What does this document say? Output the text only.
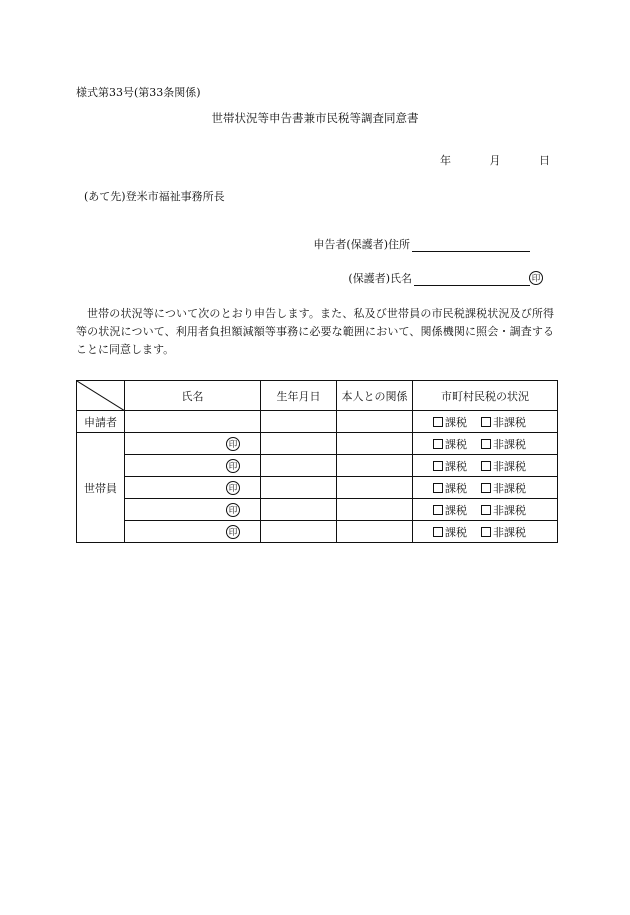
様式第33号(第33条関係)
世帯状況等申告書兼市民税等調査同意書
年	月	日
(あて先)登米市福祉事務所長
申告者(保護者)住所
(保護者)氏名	印
世帯の状況等について次のとおり申告します。また、私及び世帯員の市民税課税状況及び所得等の状況について、利用者負担額減額等事務に必要な範囲において、関係機関に照会・調査することに同意します。
	氏名	生年月日	本人との関係	市町村民税の状況
申請者				課税 非課税
世帯員	印			課税 非課税
	印			課税 非課税
	印			課税 非課税
	印			課税 非課税
	印			課税 非課税
